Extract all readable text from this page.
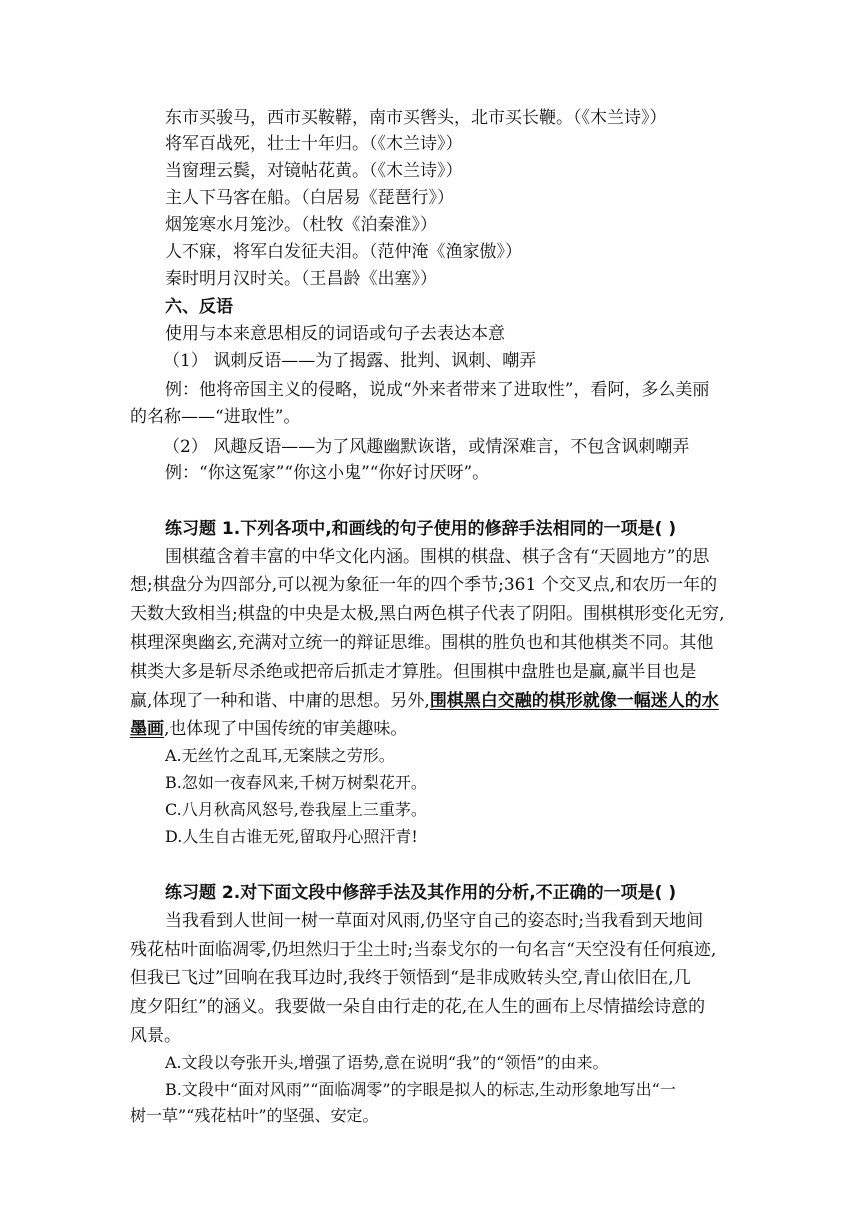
东市买骏马，西市买鞍鞯，南市买辔头，北市买长鞭。（《木兰诗》）
将军百战死，壮士十年归。（《木兰诗》）
当窗理云鬓，对镜帖花黄。（《木兰诗》）
主人下马客在船。（白居易《琵琶行》）
烟笼寒水月笼沙。（杜牧《泊秦淮》）
人不寐，将军白发征夫泪。（范仲淹《渔家傲》）
秦时明月汉时关。（王昌龄《出塞》）
六、反语
使用与本来意思相反的词语或句子去表达本意
（1） 讽刺反语——为了揭露、批判、讽刺、嘲弄
例：他将帝国主义的侵略，说成“外来者带来了进取性”，看阿，多么美丽
的名称——“进取性”。
（2） 风趣反语——为了风趣幽默诙谐，或情深难言，不包含讽刺嘲弄
例：“你这冤家”“你这小鬼”“你好讨厌呀”。
练习题 1.下列各项中,和画线的句子使用的修辞手法相同的一项是( )
围棋蕴含着丰富的中华文化内涵。围棋的棋盘、棋子含有“天圆地方”的思
想;棋盘分为四部分,可以视为象征一年的四个季节;361 个交叉点,和农历一年的
天数大致相当;棋盘的中央是太极,黑白两色棋子代表了阴阳。围棋棋形变化无穷,
棋理深奥幽玄,充满对立统一的辩证思维。围棋的胜负也和其他棋类不同。其他
棋类大多是斩尽杀绝或把帝后抓走才算胜。但围棋中盘胜也是赢,赢半目也是
赢,体现了一种和谐、中庸的思想。另外,围棋黑白交融的棋形就像一幅迷人的水
墨画,也体现了中国传统的审美趣味。
A.无丝竹之乱耳,无案牍之劳形。
B.忽如一夜春风来,千树万树梨花开。
C.八月秋高风怒号,卷我屋上三重茅。
D.人生自古谁无死,留取丹心照汗青!
练习题 2.对下面文段中修辞手法及其作用的分析,不正确的一项是( )
当我看到人世间一树一草面对风雨,仍坚守自己的姿态时;当我看到天地间
残花枯叶面临凋零,仍坦然归于尘土时;当泰戈尔的一句名言“天空没有任何痕迹,
但我已飞过”回响在我耳边时,我终于领悟到“是非成败转头空,青山依旧在,几
度夕阳红”的涵义。我要做一朵自由行走的花,在人生的画布上尽情描绘诗意的
风景。
A.文段以夸张开头,增强了语势,意在说明“我”的“领悟”的由来。
B.文段中“面对风雨”“面临凋零”的字眼是拟人的标志,生动形象地写出“一
树一草”“残花枯叶”的坚强、安定。
